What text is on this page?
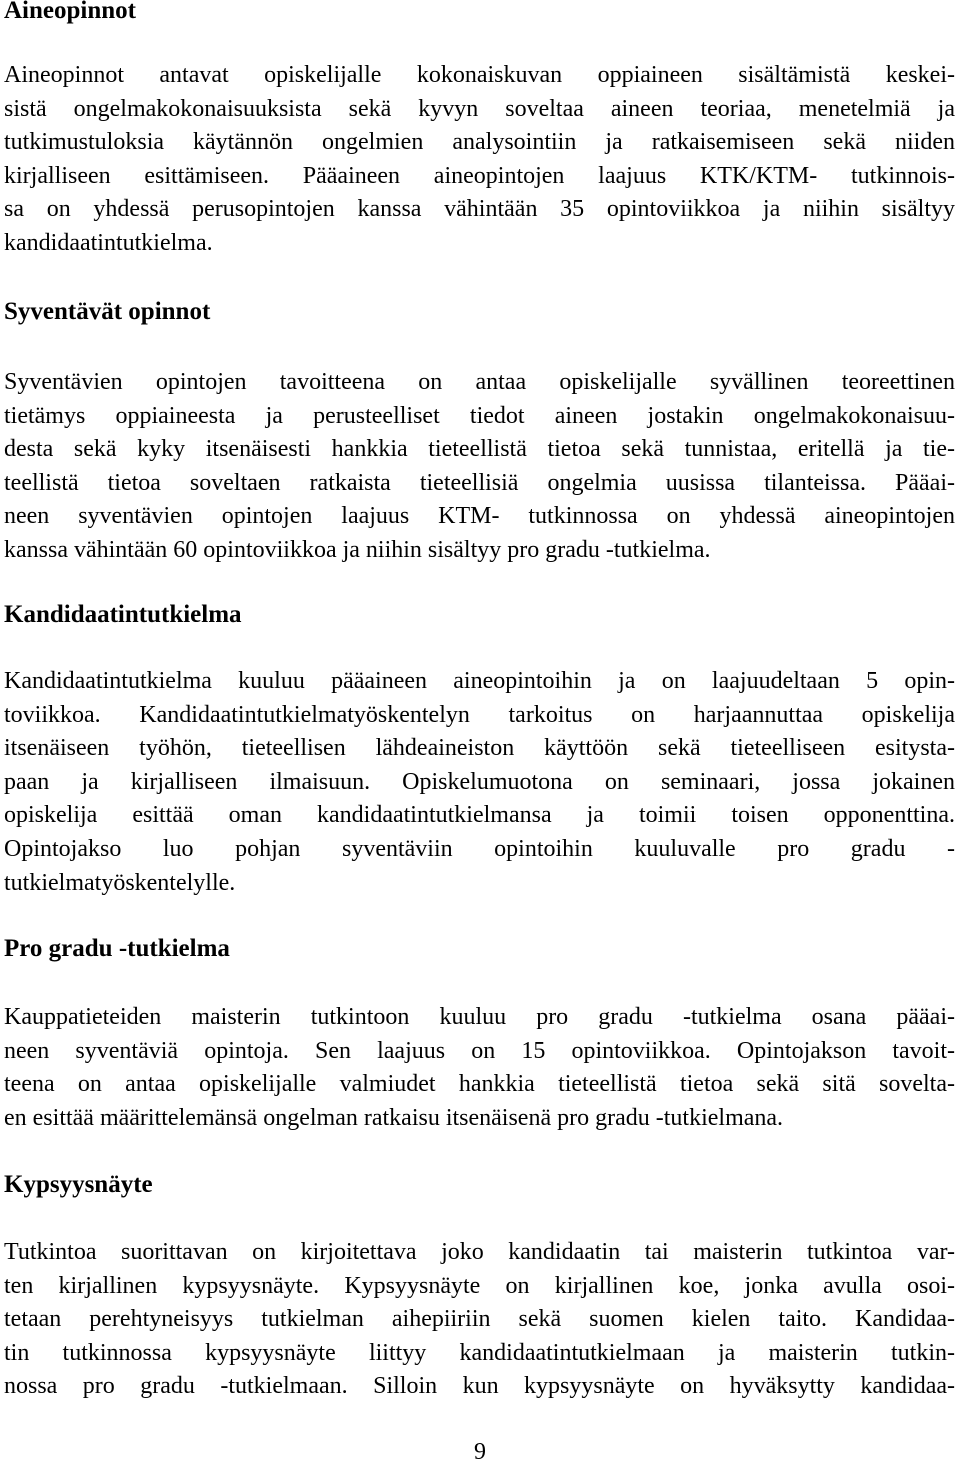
Aineopinnot
Aineopinnot antavat opiskelijalle kokonaiskuvan oppiaineen sisältämistä keskei-
sistä ongelmakokonaisuuksista sekä kyvyn soveltaa aineen teoriaa, menetelmiä ja
tutkimustuloksia käytännön ongelmien analysointiin ja ratkaisemiseen sekä niiden
kirjalliseen esittämiseen. Pääaineen aineopintojen laajuus KTK/KTM- tutkinnois-
sa on yhdessä perusopintojen kanssa vähintään 35 opintoviikkoa ja niihin sisältyy
kandidaatintutkielma.
Syventävät opinnot
Syventävien opintojen tavoitteena on antaa opiskelijalle syvällinen teoreettinen
tietämys oppiaineesta ja perusteelliset tiedot aineen jostakin ongelmakokonaisuu-
desta sekä kyky itsenäisesti hankkia tieteellistä tietoa sekä tunnistaa, eritellä ja tie-
teellistä tietoa soveltaen ratkaista tieteellisiä ongelmia uusissa tilanteissa. Pääai-
neen syventävien opintojen laajuus KTM- tutkinnossa on yhdessä aineopintojen
kanssa vähintään 60 opintoviikkoa ja niihin sisältyy pro gradu -tutkielma.
Kandidaatintutkielma
Kandidaatintutkielma kuuluu pääaineen aineopintoihin ja on laajuudeltaan 5 opin-
toviikkoa. Kandidaatintutkielmatyöskentelyn tarkoitus on harjaannuttaa opiskelija
itsenäiseen työhön, tieteellisen lähdeaineiston käyttöön sekä tieteelliseen esitysta-
paan ja kirjalliseen ilmaisuun. Opiskelumuotona on seminaari, jossa jokainen
opiskelija esittää oman kandidaatintutkielmansa ja toimii toisen opponenttina.
Opintojakso luo pohjan syventäviin opintoihin kuuluvalle pro gradu -
tutkielmatyöskentelylle.
Pro gradu -tutkielma
Kauppatieteiden maisterin tutkintoon kuuluu pro gradu -tutkielma osana pääai-
neen syventäviä opintoja. Sen laajuus on 15 opintoviikkoa. Opintojakson tavoit-
teena on antaa opiskelijalle valmiudet hankkia tieteellistä tietoa sekä sitä sovelta-
en esittää määrittelemänsä ongelman ratkaisu itsenäisenä pro gradu -tutkielmana.
Kypsyysnäyte
Tutkintoa suorittavan on kirjoitettava joko kandidaatin tai maisterin tutkintoa var-
ten kirjallinen kypsyysnäyte. Kypsyysnäyte on kirjallinen koe, jonka avulla osoi-
tetaan perehtyneisyys tutkielman aihepiiriin sekä suomen kielen taito. Kandidaa-
tin tutkinnossa kypsyysnäyte liittyy kandidaatintutkielmaan ja maisterin tutkin-
nossa pro gradu -tutkielmaan. Silloin kun kypsyysnäyte on hyväksytty kandidaa-
9
